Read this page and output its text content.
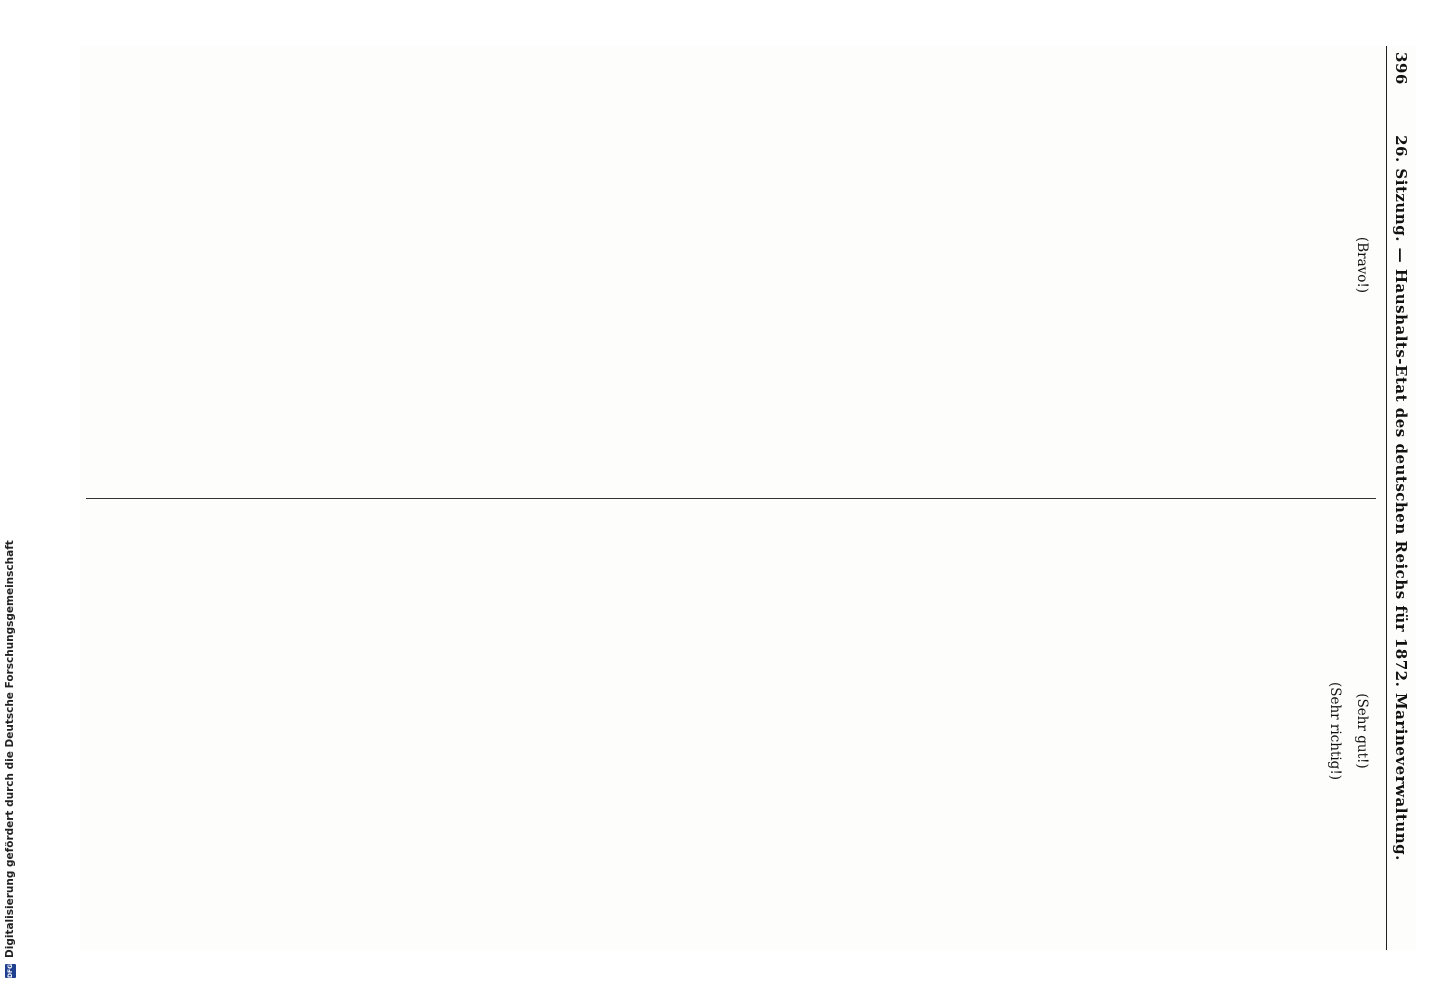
396
26. Sitzung. — Haushalts-Etat des deutschen Reichs für 1872. Marineverwaltung.

(Bravo!)

(Sehr gut!)

(Sehr richtig!)

DFG
Digitalisierung gefördert durch die Deutsche Forschungsgemeinschaft
